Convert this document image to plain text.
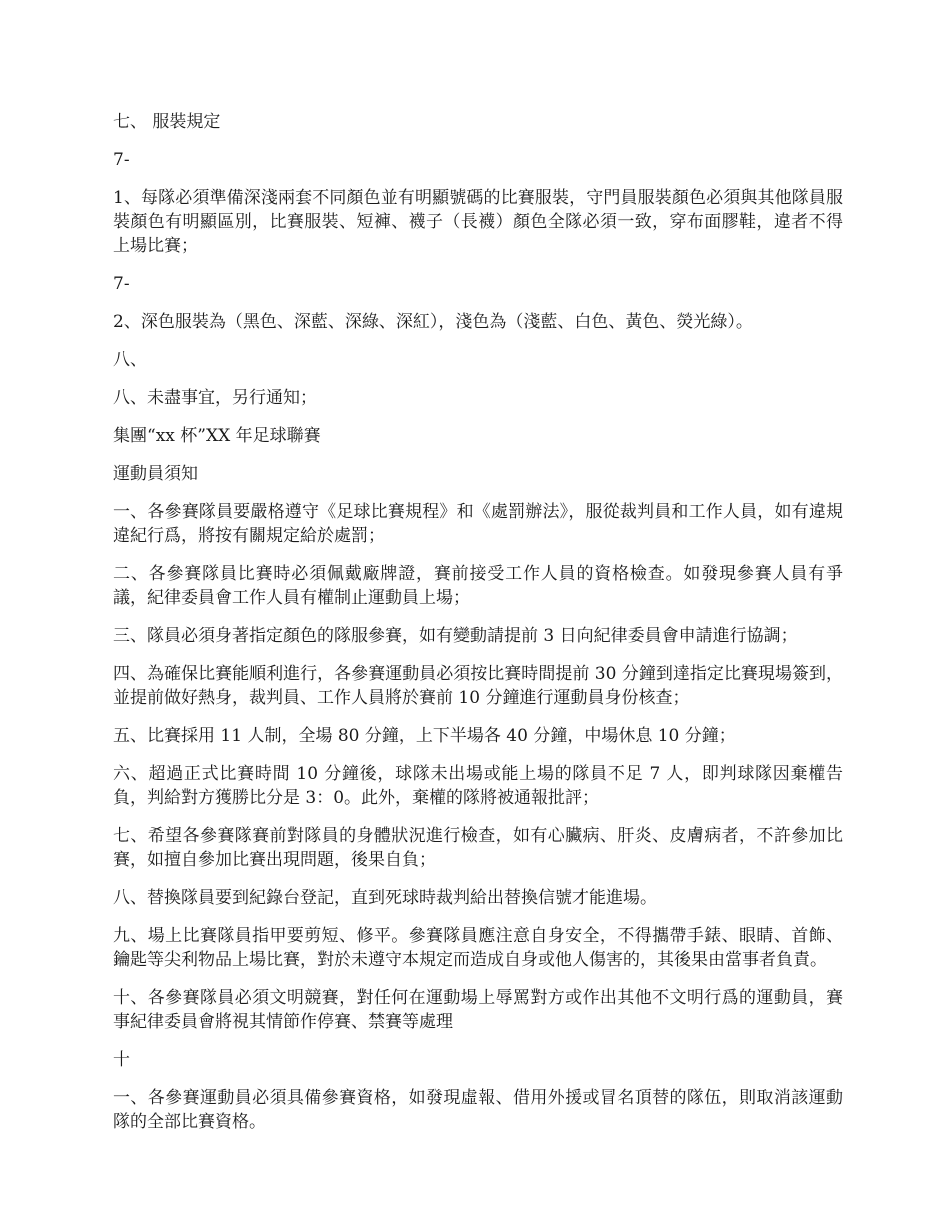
七、 服裝規定

7-

1、每隊必須準備深淺兩套不同顏色並有明顯號碼的比賽服裝，守門員服裝顏色必須與其他隊員服裝顏色有明顯區別，比賽服裝、短褲、襪子（長襪）顏色全隊必須一致，穿布面膠鞋，違者不得上場比賽；

7-

2、深色服裝為（黑色、深藍、深綠、深紅），淺色為（淺藍、白色、黃色、熒光綠）。

八、

八、未盡事宜，另行通知；

集團“xx 杯”XX 年足球聯賽

運動員須知

一、各參賽隊員要嚴格遵守《足球比賽規程》和《處罰辦法》，服從裁判員和工作人員，如有違規違紀行爲，將按有關規定給於處罰；

二、各參賽隊員比賽時必須佩戴廠牌證，賽前接受工作人員的資格檢查。如發現參賽人員有爭議，紀律委員會工作人員有權制止運動員上場；

三、隊員必須身著指定顏色的隊服參賽，如有變動請提前 3 日向紀律委員會申請進行協調；

四、為確保比賽能順利進行，各參賽運動員必須按比賽時間提前 30 分鐘到達指定比賽現場簽到，並提前做好熱身，裁判員、工作人員將於賽前 10 分鐘進行運動員身份核查；

五、比賽採用 11 人制，全場 80 分鐘，上下半場各 40 分鐘，中場休息 10 分鐘；

六、超過正式比賽時間 10 分鐘後，球隊未出場或能上場的隊員不足 7 人，即判球隊因棄權告負，判給對方獲勝比分是 3：0。此外，棄權的隊將被通報批評；

七、希望各參賽隊賽前對隊員的身體狀況進行檢查，如有心臟病、肝炎、皮膚病者，不許參加比賽，如擅自參加比賽出現問題，後果自負；

八、替換隊員要到紀錄台登記，直到死球時裁判給出替換信號才能進場。

九、場上比賽隊員指甲要剪短、修平。參賽隊員應注意自身安全，不得攜帶手錶、眼睛、首飾、鑰匙等尖利物品上場比賽，對於未遵守本規定而造成自身或他人傷害的，其後果由當事者負責。

十、各參賽隊員必須文明競賽，對任何在運動場上辱罵對方或作出其他不文明行爲的運動員，賽事紀律委員會將視其情節作停賽、禁賽等處理

十

一、各參賽運動員必須具備參賽資格，如發現虛報、借用外援或冒名頂替的隊伍，則取消該運動隊的全部比賽資格。
